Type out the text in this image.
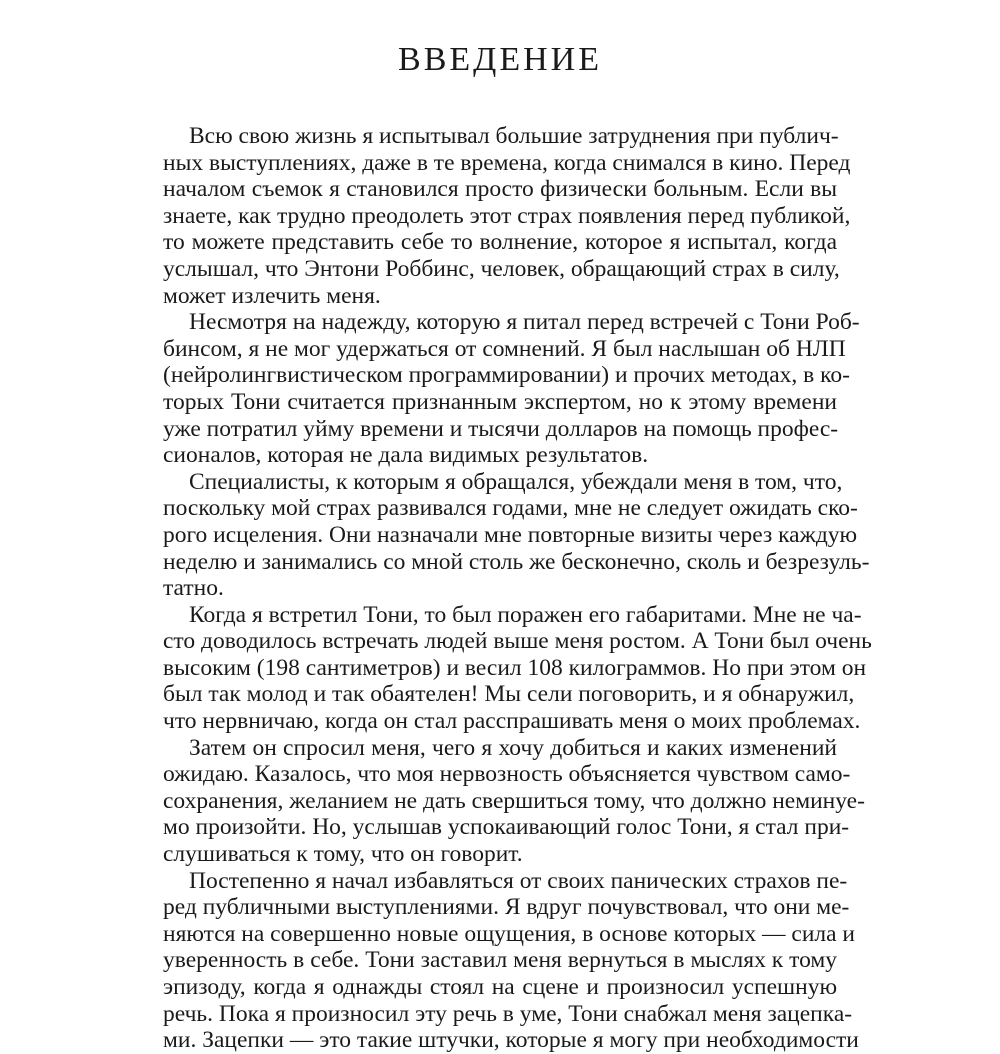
ВВЕДЕНИЕ

Всю свою жизнь я испытывал большие затруднения при публич-
ных выступлениях, даже в те времена, когда снимался в кино. Перед
началом съемок я становился просто физически больным. Если вы
знаете, как трудно преодолеть этот страх появления перед публикой,
то можете представить себе то волнение, которое я испытал, когда
услышал, что Энтони Роббинс, человек, обращающий страх в силу,
может излечить меня.

Несмотря на надежду, которую я питал перед встречей с Тони Роб-
бинсом, я не мог удержаться от сомнений. Я был наслышан об НЛП
(нейролингвистическом программировании) и прочих методах, в ко-
торых Тони считается признанным экспертом, но к этому времени
уже потратил уйму времени и тысячи долларов на помощь профес-
сионалов, которая не дала видимых результатов.

Специалисты, к которым я обращался, убеждали меня в том, что,
поскольку мой страх развивался годами, мне не следует ожидать ско-
рого исцеления. Они назначали мне повторные визиты через каждую
неделю и занимались со мной столь же бесконечно, сколь и безрезуль-
татно.

Когда я встретил Тони, то был поражен его габаритами. Мне не ча-
сто доводилось встречать людей выше меня ростом. А Тони был очень
высоким (198 сантиметров) и весил 108 килограммов. Но при этом он
был так молод и так обаятелен! Мы сели поговорить, и я обнаружил,
что нервничаю, когда он стал расспрашивать меня о моих проблемах.

Затем он спросил меня, чего я хочу добиться и каких изменений
ожидаю. Казалось, что моя нервозность объясняется чувством само-
сохранения, желанием не дать свершиться тому, что должно неминуе-
мо произойти. Но, услышав успокаивающий голос Тони, я стал при-
слушиваться к тому, что он говорит.

Постепенно я начал избавляться от своих панических страхов пе-
ред публичными выступлениями. Я вдруг почувствовал, что они ме-
няются на совершенно новые ощущения, в основе которых — сила и
уверенность в себе. Тони заставил меня вернуться в мыслях к тому
эпизоду, когда я однажды стоял на сцене и произносил успешную
речь. Пока я произносил эту речь в уме, Тони снабжал меня зацепка-
ми. Зацепки — это такие штучки, которые я могу при необходимости
